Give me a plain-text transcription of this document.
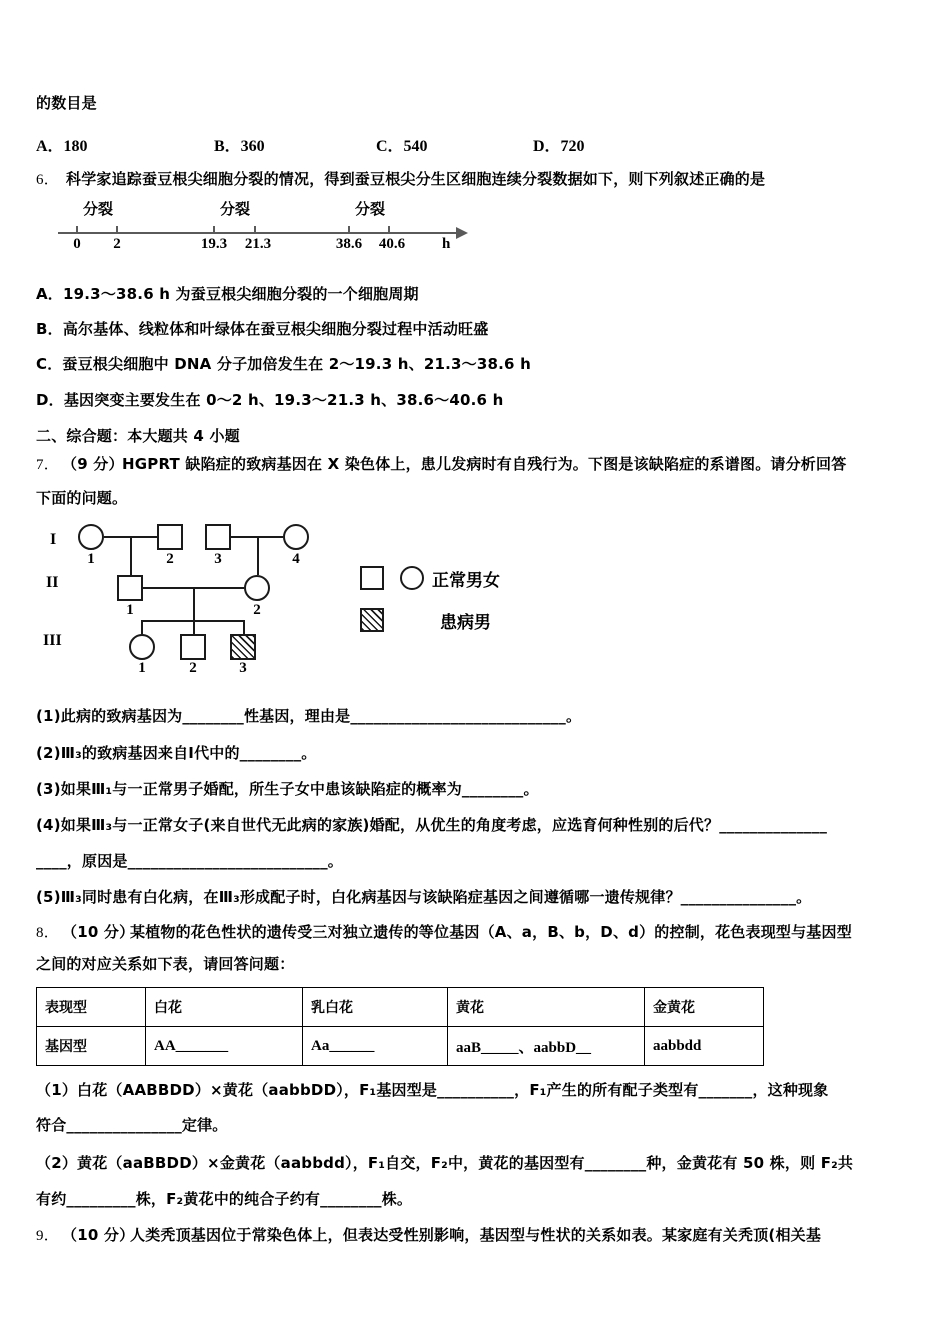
的数目是
A．180	B．360	C．540	D．720
6． 科学家追踪蚕豆根尖细胞分裂的情况，得到蚕豆根尖分生区细胞连续分裂数据如下，则下列叙述正确的是
0 2	19.3 21.3	38.6 40.6
分裂	分裂	分裂
h
A．19.3～38.6 h 为蚕豆根尖细胞分裂的一个细胞周期
B．高尔基体、线粒体和叶绿体在蚕豆根尖细胞分裂过程中活动旺盛
C．蚕豆根尖细胞中 DNA 分子加倍发生在 2～19.3 h、21.3～38.6 h
D．基因突变主要发生在 0～2 h、19.3～21.3 h、38.6～40.6 h
二、综合题：本大题共 4 小题
7． （9 分）
HGPRT 缺陷症的致病基因在 X 染色体上，患儿发病时有自残行为。下图是该缺陷症的系谱图。请分析回答
下面的问题。
I
II
III
1	2	3	4
1	2
1	2	3
正常男女
患病男
(1)此病的致病基因为________性基因，理由是____________________________。
(2)Ⅲ₃的致病基因来自Ⅰ代中的________。
(3)如果Ⅲ₁与一正常男子婚配，所生子女中患该缺陷症的概率为________。
(4)如果Ⅲ₃与一正常女子(来自世代无此病的家族)婚配，从优生的角度考虑，应选育何种性别的后代？______________
____，原因是__________________________。
(5)Ⅲ₃同时患有白化病，在Ⅲ₃形成配子时，白化病基因与该缺陷症基因之间遵循哪一遗传规律？_______________。
8． （10 分）
某植物的花色性状的遗传受三对独立遗传的等位基因（A、a，B、b，D、d）的控制，花色表现型与基因型
之间的对应关系如下表，请回答问题：
表现型	白花	乳白花	黄花	金黄花
基因型	AA_______	Aa______	aaB_____、aabbD__	aabbdd
（1）白花（AABBDD）×黄花（aabbDD），F₁基因型是__________，F₁产生的所有配子类型有_______，这种现象
符合_______________定律。
（2）黄花（aaBBDD）×金黄花（aabbdd），F₁自交，F₂中，黄花的基因型有________种，金黄花有 50 株，则 F₂共
有约_________株，F₂黄花中的纯合子约有________株。
9． （10 分）
人类秃顶基因位于常染色体上，但表达受性别影响，基因型与性状的关系如表。某家庭有关秃顶(相关基
